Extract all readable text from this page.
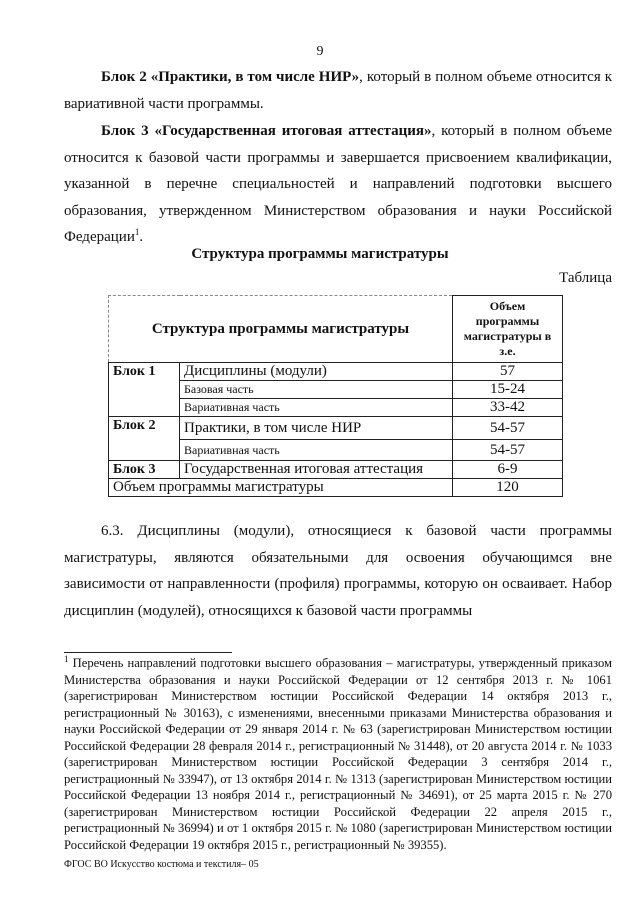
9

Блок 2 «Практики, в том числе НИР», который в полном объеме относится к вариативной части программы.

Блок 3 «Государственная итоговая аттестация», который в полном объеме относится к базовой части программы и завершается присвоением квалификации, указанной в перечне специальностей и направлений подготовки высшего образования, утвержденном Министерством образования и науки Российской Федерации$^1$.

Структура программы магистратуры
Таблица
Структура программы магистратуры		Объем программы магистратуры в з.е.
Блок 1	Дисциплины (модули)	57
	Базовая часть	15-24
	Вариативная часть	33-42
Блок 2	Практики, в том числе НИР	54-57
	Вариативная часть	54-57
Блок 3	Государственная итоговая аттестация	6-9
Объем программы магистратуры		120

6.3. Дисциплины (модули), относящиеся к базовой части программы магистратуры, являются обязательными для освоения обучающимся вне зависимости от направленности (профиля) программы, которую он осваивает. Набор дисциплин (модулей), относящихся к базовой части программы

$^1$ Перечень направлений подготовки высшего образования – магистратуры, утвержденный приказом Министерства образования и науки Российской Федерации от 12 сентября 2013 г. № 1061 (зарегистрирован Министерством юстиции Российской Федерации 14 октября 2013 г., регистрационный № 30163), с изменениями, внесенными приказами Министерства образования и науки Российской Федерации от 29 января 2014 г. № 63 (зарегистрирован Министерством юстиции Российской Федерации 28 февраля 2014 г., регистрационный № 31448), от 20 августа 2014 г. № 1033 (зарегистрирован Министерством юстиции Российской Федерации 3 сентября 2014 г., регистрационный № 33947), от 13 октября 2014 г. № 1313 (зарегистрирован Министерством юстиции Российской Федерации 13 ноября 2014 г., регистрационный № 34691), от 25 марта 2015 г. № 270 (зарегистрирован Министерством юстиции Российской Федерации 22 апреля 2015 г., регистрационный № 36994) и от 1 октября 2015 г. № 1080 (зарегистрирован Министерством юстиции Российской Федерации 19 октября 2015 г., регистрационный № 39355).

ФГОС ВО Искусство костюма и текстиля– 05
